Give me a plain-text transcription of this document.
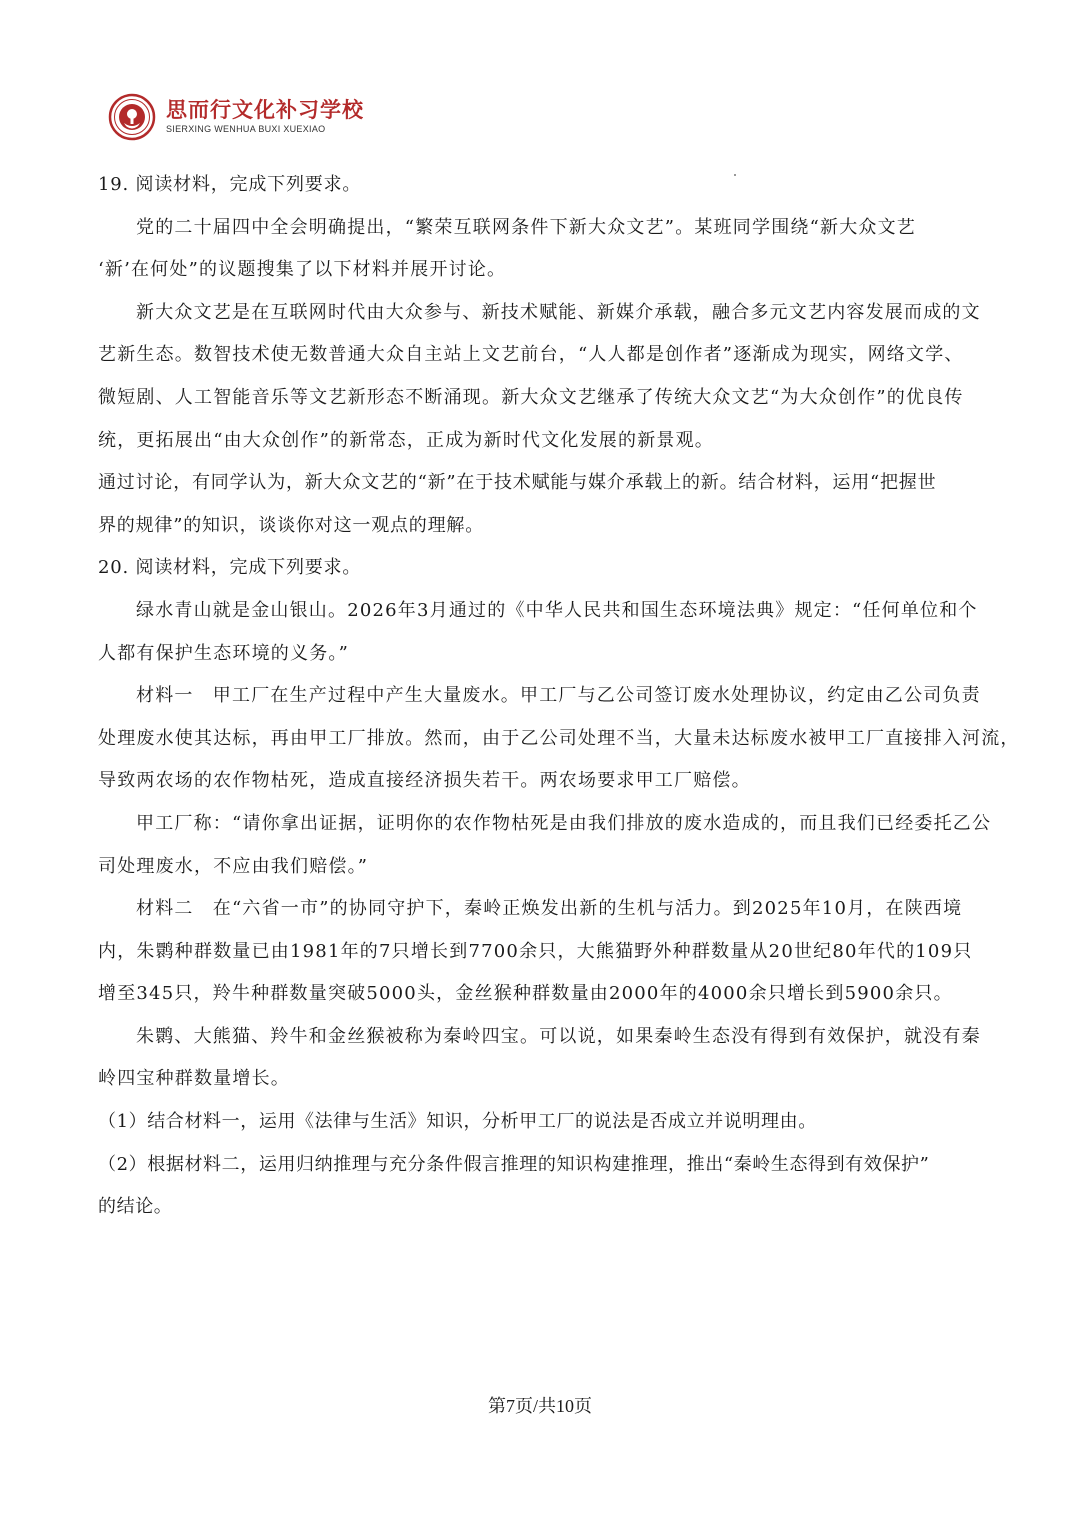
思而行文化补习学校
SIERXING WENHUA BUXI XUEXIAO
19. 阅读材料，完成下列要求。
党的二十届四中全会明确提出，“繁荣互联网条件下新大众文艺”。某班同学围绕“新大众文艺
‘新’在何处”的议题搜集了以下材料并展开讨论。
新大众文艺是在互联网时代由大众参与、新技术赋能、新媒介承载，融合多元文艺内容发展而成的文
艺新生态。数智技术使无数普通大众自主站上文艺前台，“人人都是创作者”逐渐成为现实，网络文学、
微短剧、人工智能音乐等文艺新形态不断涌现。新大众文艺继承了传统大众文艺“为大众创作”的优良传
统，更拓展出“由大众创作”的新常态，正成为新时代文化发展的新景观。
通过讨论，有同学认为，新大众文艺的“新”在于技术赋能与媒介承载上的新。结合材料，运用“把握世
界的规律”的知识，谈谈你对这一观点的理解。
20. 阅读材料，完成下列要求。
绿水青山就是金山银山。2026年3月通过的《中华人民共和国生态环境法典》规定：“任何单位和个
人都有保护生态环境的义务。”
材料一　甲工厂在生产过程中产生大量废水。甲工厂与乙公司签订废水处理协议，约定由乙公司负责
处理废水使其达标，再由甲工厂排放。然而，由于乙公司处理不当，大量未达标废水被甲工厂直接排入河流，
导致两农场的农作物枯死，造成直接经济损失若干。两农场要求甲工厂赔偿。
甲工厂称：“请你拿出证据，证明你的农作物枯死是由我们排放的废水造成的，而且我们已经委托乙公
司处理废水，不应由我们赔偿。”
材料二　在“六省一市”的协同守护下，秦岭正焕发出新的生机与活力。到2025年10月，在陕西境
内，朱鹮种群数量已由1981年的7只增长到7700余只，大熊猫野外种群数量从20世纪80年代的109只
增至345只，羚牛种群数量突破5000头，金丝猴种群数量由2000年的4000余只增长到5900余只。
朱鹮、大熊猫、羚牛和金丝猴被称为秦岭四宝。可以说，如果秦岭生态没有得到有效保护，就没有秦
岭四宝种群数量增长。
（1）结合材料一，运用《法律与生活》知识，分析甲工厂的说法是否成立并说明理由。
（2）根据材料二，运用归纳推理与充分条件假言推理的知识构建推理，推出“秦岭生态得到有效保护”
的结论。
第7页/共10页
